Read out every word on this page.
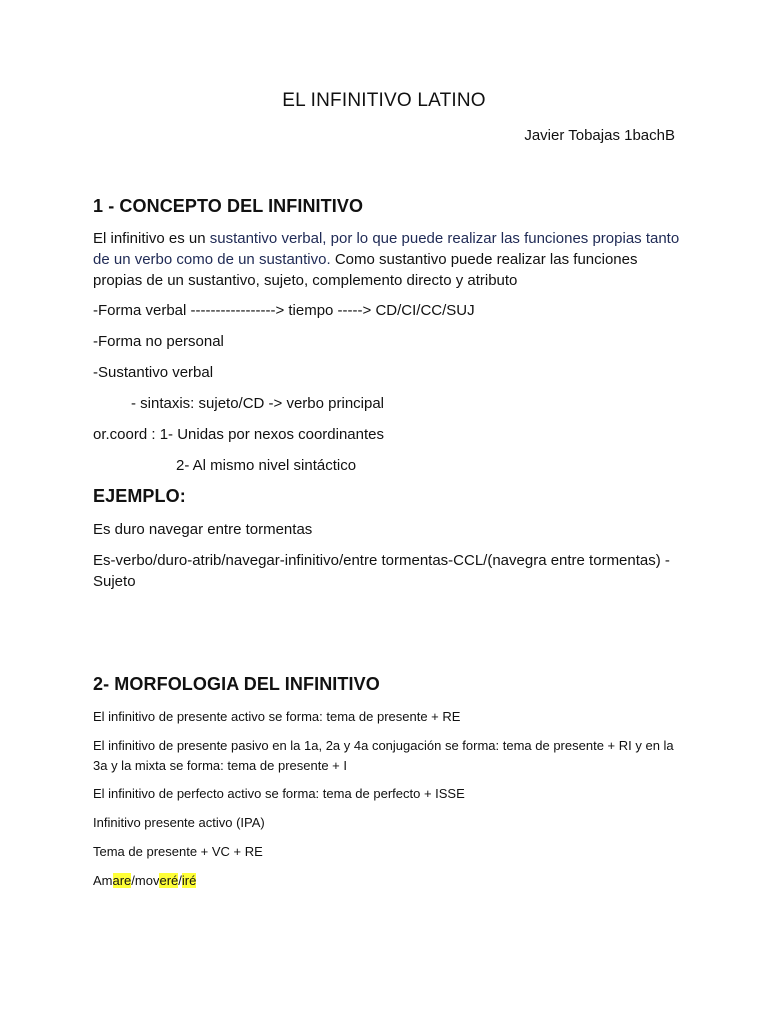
EL INFINITIVO LATINO
Javier Tobajas 1bachB
1 - CONCEPTO DEL INFINITIVO
El infinitivo es un sustantivo verbal, por lo que puede realizar las funciones propias tanto de un verbo como de un sustantivo. Como sustantivo puede realizar las funciones propias de un sustantivo, sujeto, complemento directo y atributo
-Forma verbal -----------------> tiempo -----> CD/CI/CC/SUJ
-Forma no personal
-Sustantivo verbal
- sintaxis: sujeto/CD -> verbo principal
or.coord : 1- Unidas por nexos coordinantes
2- Al mismo nivel sintáctico
EJEMPLO:
Es duro navegar entre tormentas
Es-verbo/duro-atrib/navegar-infinitivo/entre tormentas-CCL/(navegra entre tormentas) - Sujeto
2- MORFOLOGIA DEL INFINITIVO
El infinitivo de presente activo se forma: tema de presente + RE
El infinitivo de presente pasivo en la 1a, 2a y 4a conjugación se forma: tema de presente + RI y en la 3a y la mixta se forma: tema de presente + I
El infinitivo de perfecto activo se forma: tema de perfecto + ISSE
Infinitivo presente activo (IPA)
Tema de presente + VC + RE
Amare/moveré/iré
